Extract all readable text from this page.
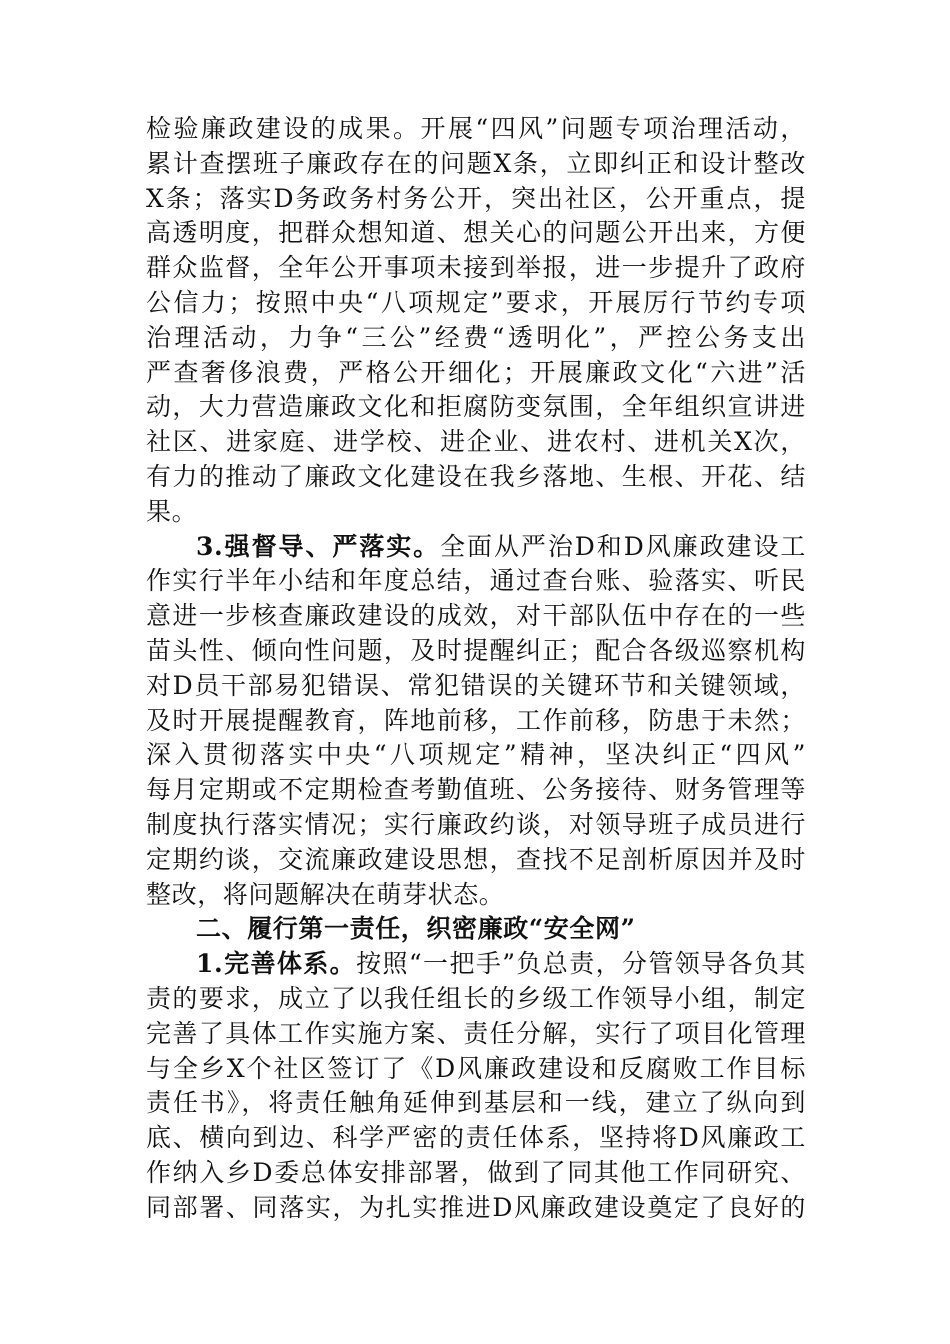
检验廉政建设的成果。开展“四风”问题专项治理活动，
累计查摆班子廉政存在的问题X条，立即纠正和设计整改
X条；落实D务政务村务公开，突出社区，公开重点，提
高透明度，把群众想知道、想关心的问题公开出来，方便
群众监督，全年公开事项未接到举报，进一步提升了政府
公信力；按照中央“八项规定”要求，开展厉行节约专项
治理活动，力争“三公”经费“透明化”，严控公务支出
严查奢侈浪费，严格公开细化；开展廉政文化“六进”活
动，大力营造廉政文化和拒腐防变氛围，全年组织宣讲进
社区、进家庭、进学校、进企业、进农村、进机关X次，
有力的推动了廉政文化建设在我乡落地、生根、开花、结
果。
3.强督导、严落实。全面从严治D和D风廉政建设工
作实行半年小结和年度总结，通过查台账、验落实、听民
意进一步核查廉政建设的成效，对干部队伍中存在的一些
苗头性、倾向性问题，及时提醒纠正；配合各级巡察机构
对D员干部易犯错误、常犯错误的关键环节和关键领域，
及时开展提醒教育，阵地前移，工作前移，防患于未然；
深入贯彻落实中央“八项规定”精神，坚决纠正“四风”
每月定期或不定期检查考勤值班、公务接待、财务管理等
制度执行落实情况；实行廉政约谈，对领导班子成员进行
定期约谈，交流廉政建设思想，查找不足剖析原因并及时
整改，将问题解决在萌芽状态。
二、履行第一责任，织密廉政“安全网”
1.完善体系。按照“一把手”负总责，分管领导各负其
责的要求，成立了以我任组长的乡级工作领导小组，制定
完善了具体工作实施方案、责任分解，实行了项目化管理
与全乡X个社区签订了《D风廉政建设和反腐败工作目标
责任书》，将责任触角延伸到基层和一线，建立了纵向到
底、横向到边、科学严密的责任体系，坚持将D风廉政工
作纳入乡D委总体安排部署，做到了同其他工作同研究、
同部署、同落实，为扎实推进D风廉政建设奠定了良好的
